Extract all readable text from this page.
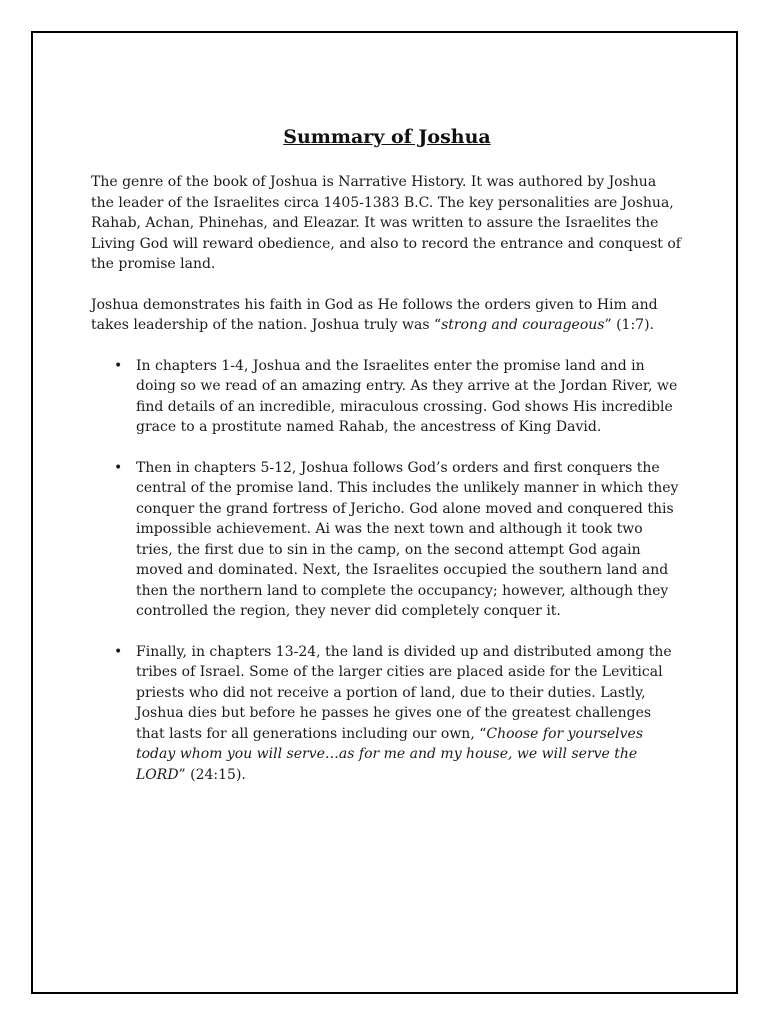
Summary of Joshua

The genre of the book of Joshua is Narrative History. It was authored by Joshua the leader of the Israelites circa 1405-1383 B.C. The key personalities are Joshua, Rahab, Achan, Phinehas, and Eleazar. It was written to assure the Israelites the Living God will reward obedience, and also to record the entrance and conquest of the promise land.

Joshua demonstrates his faith in God as He follows the orders given to Him and takes leadership of the nation. Joshua truly was “strong and courageous” (1:7).

• In chapters 1-4, Joshua and the Israelites enter the promise land and in doing so we read of an amazing entry. As they arrive at the Jordan River, we find details of an incredible, miraculous crossing. God shows His incredible grace to a prostitute named Rahab, the ancestress of King David.
• Then in chapters 5-12, Joshua follows God’s orders and first conquers the central of the promise land. This includes the unlikely manner in which they conquer the grand fortress of Jericho. God alone moved and conquered this impossible achievement. Ai was the next town and although it took two tries, the first due to sin in the camp, on the second attempt God again moved and dominated. Next, the Israelites occupied the southern land and then the northern land to complete the occupancy; however, although they controlled the region, they never did completely conquer it.
• Finally, in chapters 13-24, the land is divided up and distributed among the tribes of Israel. Some of the larger cities are placed aside for the Levitical priests who did not receive a portion of land, due to their duties. Lastly, Joshua dies but before he passes he gives one of the greatest challenges that lasts for all generations including our own, “Choose for yourselves today whom you will serve…as for me and my house, we will serve the LORD” (24:15).
